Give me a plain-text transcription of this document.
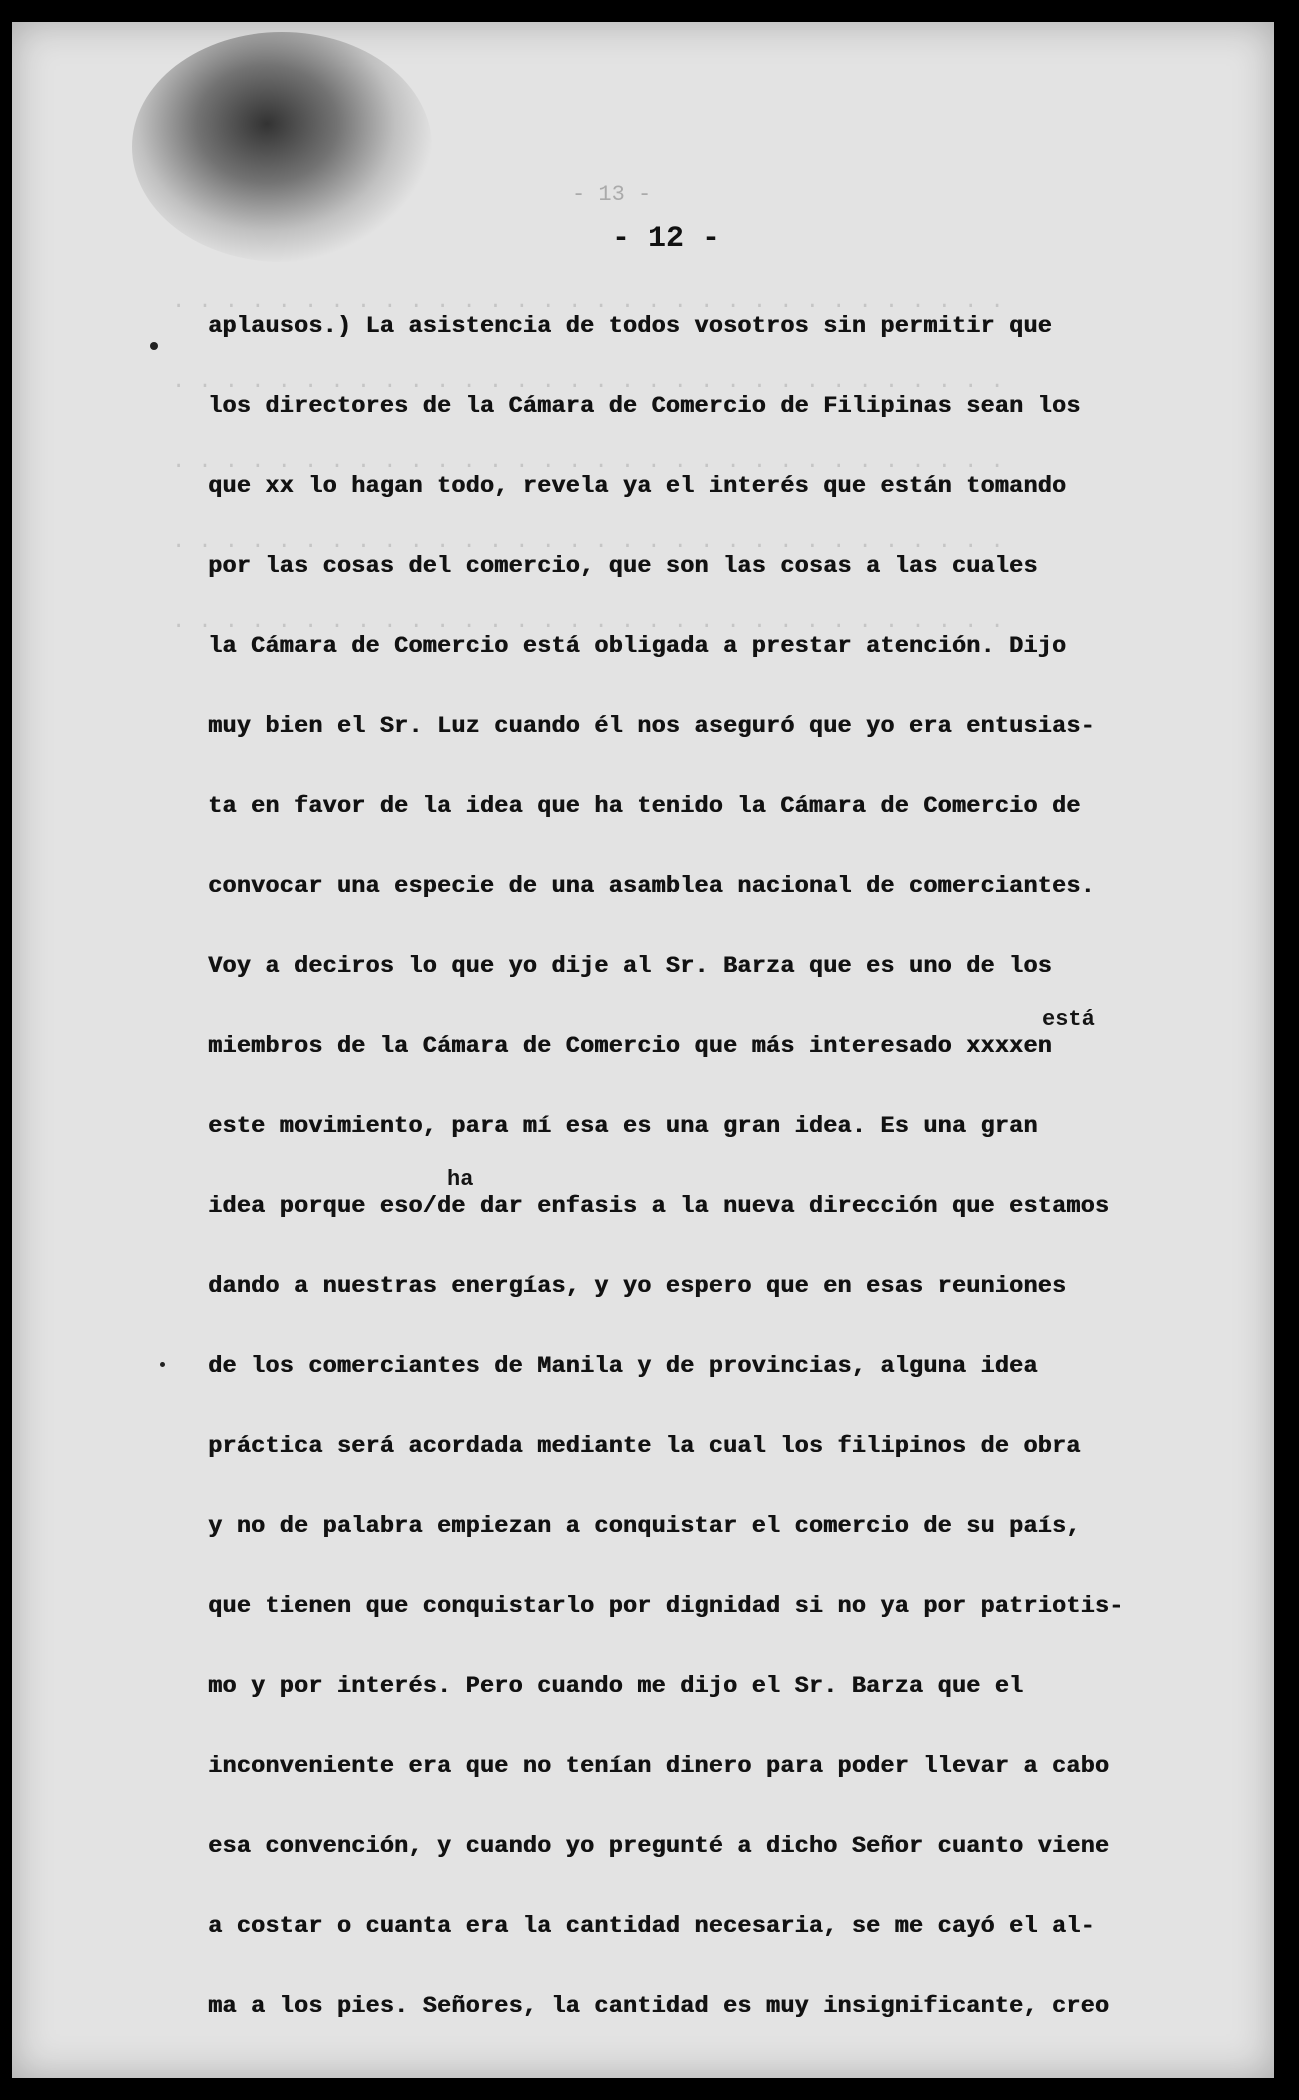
- 13 -
- 12 -
. . . . . . . . . . . . . . . . . . . . . . . . . . . . . . . .
. . . . . . . . . . . . . . . . . . . . . . . . . . . . . . . .
. . . . . . . . . . . . . . . . . . . . . . . . . . . . . . . .
. . . . . . . . . . . . . . . . . . . . . . . . . . . . . . . .
. . . . . . . . . . . . . . . . . . . . . . . . . . . . . . . .
está
ha
aplausos.) La asistencia de todos vosotros sin permitir que
los directores de la Cámara de Comercio de Filipinas sean los
que xx lo hagan todo, revela ya el interés que están tomando
por las cosas del comercio, que son las cosas a las cuales
la Cámara de Comercio está obligada a prestar atención. Dijo
muy bien el Sr. Luz cuando él nos aseguró que yo era entusias-
ta en favor de la idea que ha tenido la Cámara de Comercio de
convocar una especie de una asamblea nacional de comerciantes.
Voy a deciros lo que yo dije al Sr. Barza que es uno de los
miembros de la Cámara de Comercio que más interesado xxxxen
este movimiento, para mí esa es una gran idea. Es una gran
idea porque eso/de dar enfasis a la nueva dirección que estamos
dando a nuestras energías, y yo espero que en esas reuniones
de los comerciantes de Manila y de provincias, alguna idea
práctica será acordada mediante la cual los filipinos de obra
y no de palabra empiezan a conquistar el comercio de su país,
que tienen que conquistarlo por dignidad si no ya por patriotis-
mo y por interés. Pero cuando me dijo el Sr. Barza que el
inconveniente era que no tenían dinero para poder llevar a cabo
esa convención, y cuando yo pregunté a dicho Señor cuanto viene
a costar o cuanta era la cantidad necesaria, se me cayó el al-
ma a los pies. Señores, la cantidad es muy insignificante, creo
